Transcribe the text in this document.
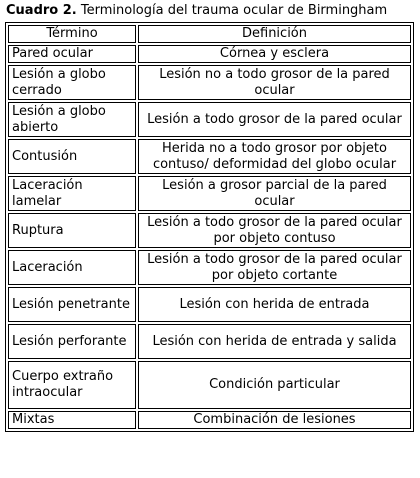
Cuadro 2. Terminología del trauma ocular de Birmingham
Término	Definición
Pared ocular	Córnea y esclera
Lesión a globo cerrado	Lesión no a todo grosor de la pared ocular
Lesión a globo abierto	Lesión a todo grosor de la pared ocular
Contusión	Herida no a todo grosor por objeto contuso/ deformidad del globo ocular
Laceración lamelar	Lesión a grosor parcial de la pared ocular
Ruptura	Lesión a todo grosor de la pared ocular por objeto contuso
Laceración	Lesión a todo grosor de la pared ocular por objeto cortante
Lesión penetrante	Lesión con herida de entrada
Lesión perforante	Lesión con herida de entrada y salida
Cuerpo extraño intraocular	Condición particular
Mixtas	Combinación de lesiones
